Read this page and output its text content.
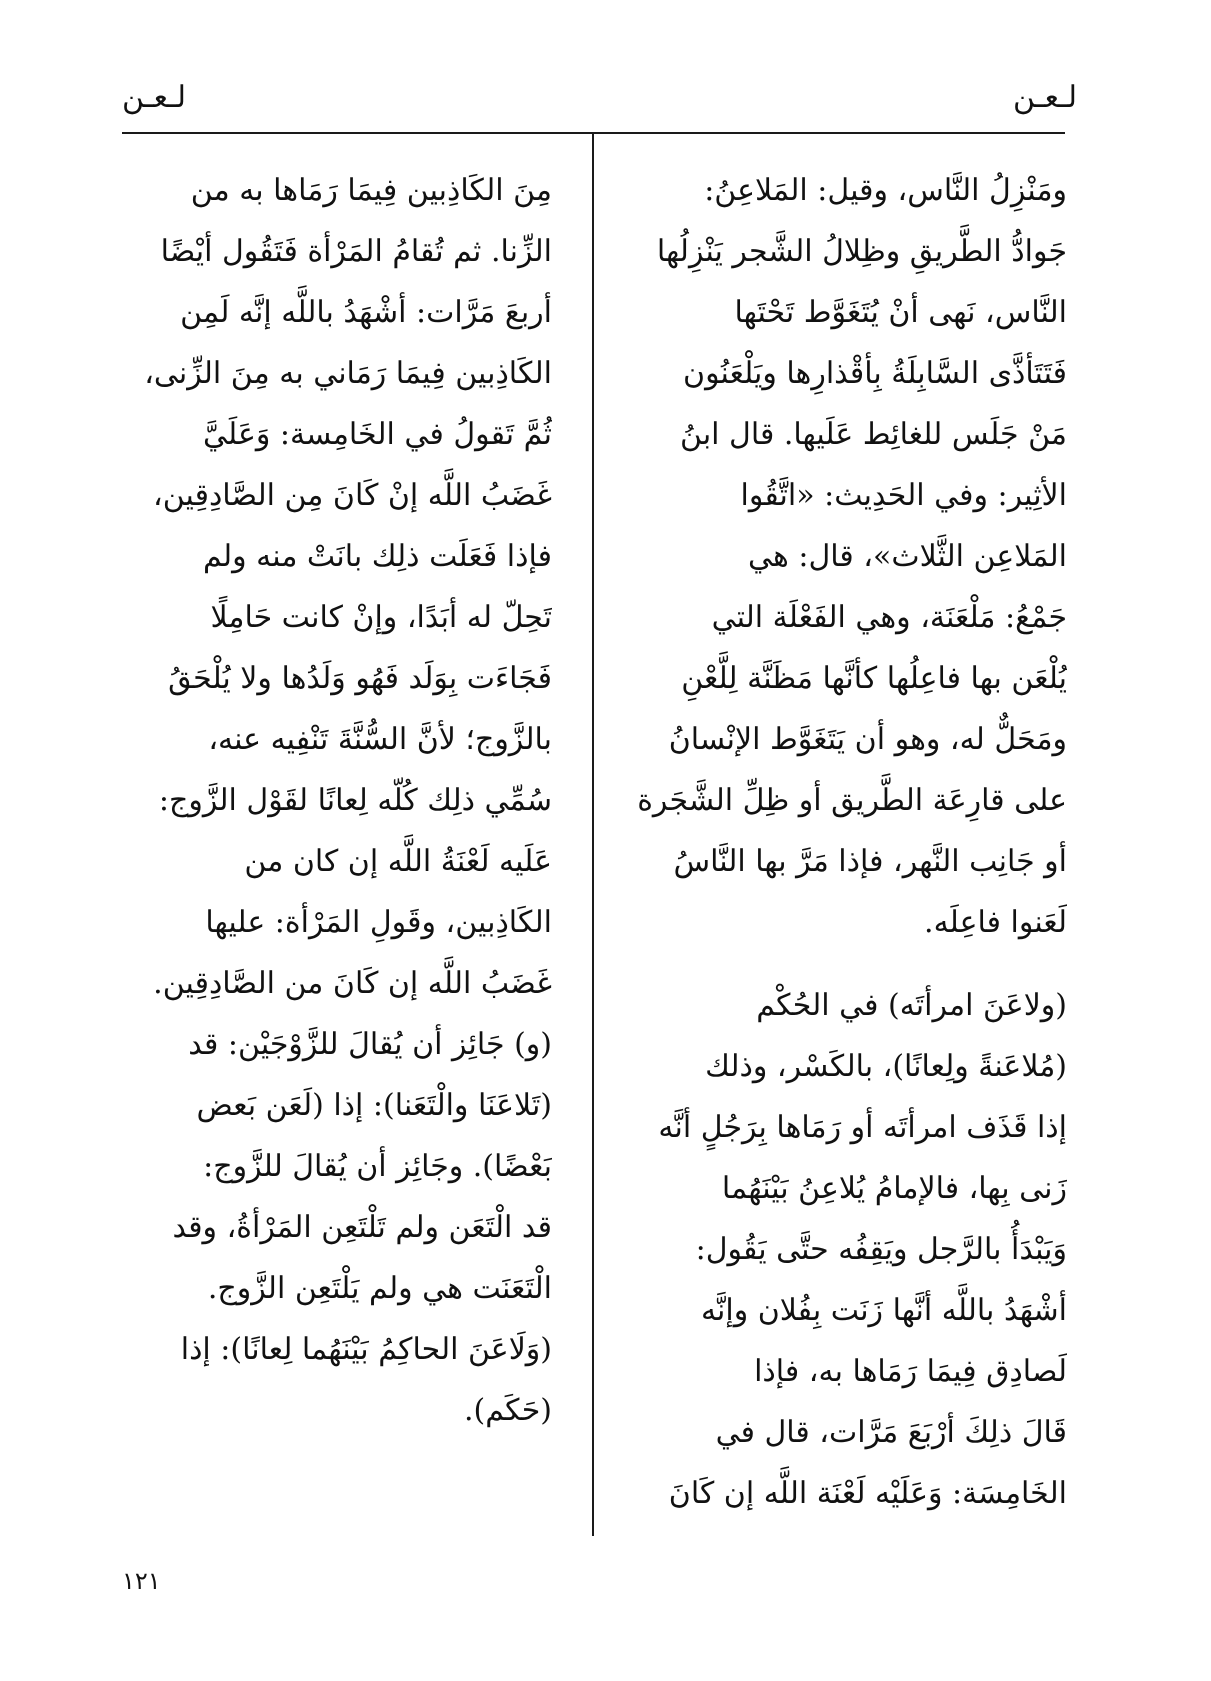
لـعـن
لـعـن
ومَنْزِلُ النَّاس، وقيل: المَلاعِنُ:
جَوادُّ الطَّريقِ وظِلالُ الشَّجر يَنْزِلُها
النَّاس، نَهى أنْ يُتَغَوَّط تَحْتَها
فَتَتَأذَّى السَّابِلَةُ بِأقْذارِها ويَلْعَنُون
مَنْ جَلَس للغائِط عَلَيها. قال ابنُ
الأثِير: وفي الحَدِيث: «اتَّقُوا
المَلاعِن الثَّلاث»، قال: هي
جَمْعُ: مَلْعَنَة، وهي الفَعْلَة التي
يُلْعَن بها فاعِلُها كأنَّها مَظَنَّة لِلَّعْنِ
ومَحَلٌّ له، وهو أن يَتَغَوَّط الإنْسانُ
على قارِعَة الطَّريق أو ظِلِّ الشَّجَرة
أو جَانِب النَّهر، فإذا مَرَّ بها النَّاسُ
لَعَنوا فاعِلَه.
(ولاعَنَ امرأتَه) في الحُكْم
(مُلاعَنةً ولِعانًا)، بالكَسْر، وذلك
إذا قَذَف امرأتَه أو رَمَاها بِرَجُلٍ أنَّه
زَنى بِها، فالإمامُ يُلاعِنُ بَيْنَهُما
وَيَبْدَأُ بالرَّجل ويَقِفُه حتَّى يَقُول:
أشْهَدُ باللَّه أنَّها زَنَت بِفُلان وإنَّه
لَصادِق فِيمَا رَمَاها به، فإذا
قَالَ ذلِكَ أرْبَعَ مَرَّات، قال في
الخَامِسَة: وَعَلَيْه لَعْنَة اللَّه إن كَانَ
مِنَ الكَاذِبين فِيمَا رَمَاها به من
الزِّنا. ثم تُقامُ المَرْأة فَتَقُول أيْضًا
أربعَ مَرَّات: أشْهَدُ باللَّه إنَّه لَمِن
الكَاذِبين فِيمَا رَمَاني به مِنَ الزِّنى،
ثُمَّ تَقولُ في الخَامِسة: وَعَلَيَّ
غَضَبُ اللَّه إنْ كَانَ مِن الصَّادِقِين،
فإذا فَعَلَت ذلِك بانَتْ منه ولم
تَحِلّ له أبَدًا، وإنْ كانت حَامِلًا
فَجَاءَت بِوَلَد فَهُو وَلَدُها ولا يُلْحَقُ
بالزَّوج؛ لأنَّ السُّنَّةَ تَنْفِيه عنه،
سُمِّي ذلِك كُلّه لِعانًا لقَوْل الزَّوج:
عَلَيه لَعْنَةُ اللَّه إن كان من
الكَاذِبين، وقَولِ المَرْأة: عليها
غَضَبُ اللَّه إن كَانَ من الصَّادِقِين.
(و) جَائِز أن يُقالَ للزَّوْجَيْن: قد
(تَلاعَنَا والْتَعَنا): إذا (لَعَن بَعض
بَعْضًا). وجَائِز أن يُقالَ للزَّوج:
قد الْتَعَن ولم تَلْتَعِن المَرْأةُ، وقد
الْتَعَنَت هي ولم يَلْتَعِن الزَّوج.
(وَلَاعَنَ الحاكِمُ بَيْنَهُما لِعانًا): إذا
(حَكَم).
١٢١
